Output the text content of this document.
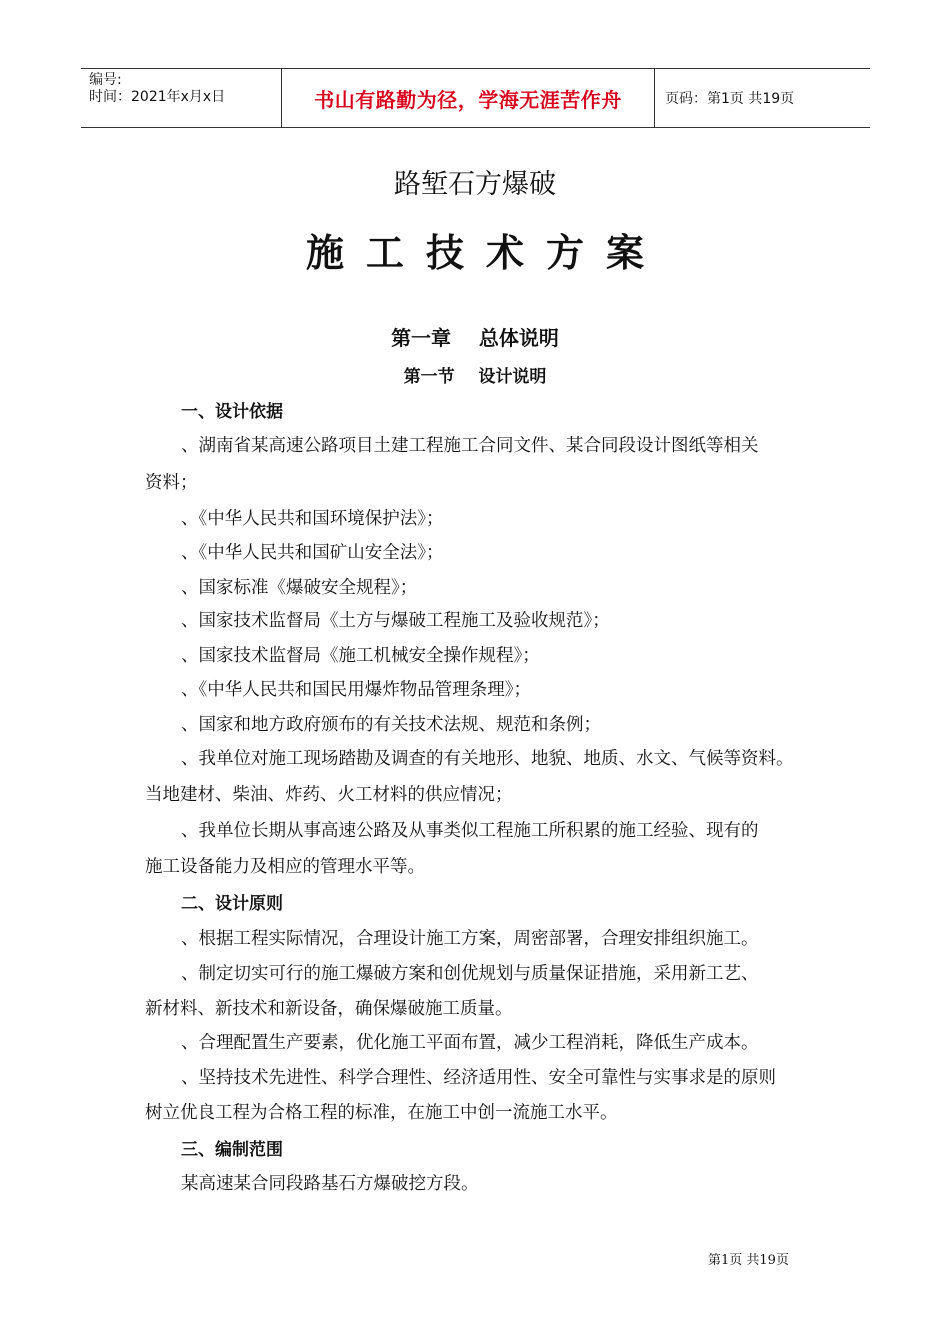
编号:
时间：2021年x月x日	书山有路勤为径，学海无涯苦作舟	页码：第1页 共19页
路堑石方爆破
施工技术方案
第一章    总体说明
第一节    设计说明
一、设计依据
、湖南省某高速公路项目土建工程施工合同文件、某合同段设计图纸等相关
资料；
、《中华人民共和国环境保护法》；
、《中华人民共和国矿山安全法》；
、国家标准《爆破安全规程》；
、国家技术监督局《土方与爆破工程施工及验收规范》；
、国家技术监督局《施工机械安全操作规程》；
、《中华人民共和国民用爆炸物品管理条理》；
、国家和地方政府颁布的有关技术法规、规范和条例；
、我单位对施工现场踏勘及调查的有关地形、地貌、地质、水文、气候等资料。
当地建材、柴油、炸药、火工材料的供应情况；
、我单位长期从事高速公路及从事类似工程施工所积累的施工经验、现有的
施工设备能力及相应的管理水平等。
二、设计原则
、根据工程实际情况，合理设计施工方案，周密部署，合理安排组织施工。
、制定切实可行的施工爆破方案和创优规划与质量保证措施，采用新工艺、
新材料、新技术和新设备，确保爆破施工质量。
、合理配置生产要素，优化施工平面布置，减少工程消耗，降低生产成本。
、坚持技术先进性、科学合理性、经济适用性、安全可靠性与实事求是的原则
树立优良工程为合格工程的标准，在施工中创一流施工水平。
三、编制范围
某高速某合同段路基石方爆破挖方段。
第1页 共19页
